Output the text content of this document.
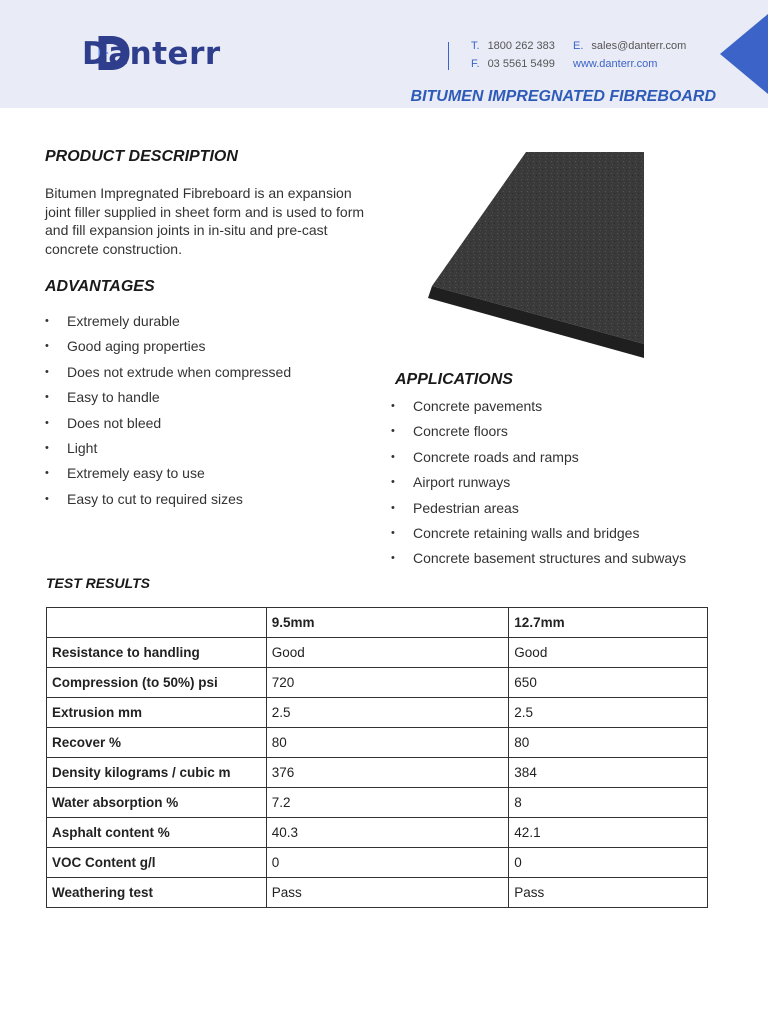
Danterr	T. 1800 262 383
F. 03 5561 5499
E. sales@danterr.com
www.danterr.com
BITUMEN IMPREGNATED FIBREBOARD
PRODUCT DESCRIPTION
Bitumen Impregnated Fibreboard is an expansion joint filler supplied in sheet form and is used to form and fill expansion joints in in-situ and pre-cast concrete construction.
ADVANTAGES
• Extremely durable
• Good aging properties
• Does not extrude when compressed
• Easy to handle
• Does not bleed
• Light
• Extremely easy to use
• Easy to cut to required sizes
APPLICATIONS
• Concrete pavements
• Concrete floors
• Concrete roads and ramps
• Airport runways
• Pedestrian areas
• Concrete retaining walls and bridges
• Concrete basement structures and subways
TEST RESULTS
	9.5mm	12.7mm
Resistance to handling	Good	Good
Compression (to 50%) psi	720	650
Extrusion mm	2.5	2.5
Recover %	80	80
Density kilograms / cubic m	376	384
Water absorption %	7.2	8
Asphalt content %	40.3	42.1
VOC Content g/l	0	0
Weathering test	Pass	Pass
